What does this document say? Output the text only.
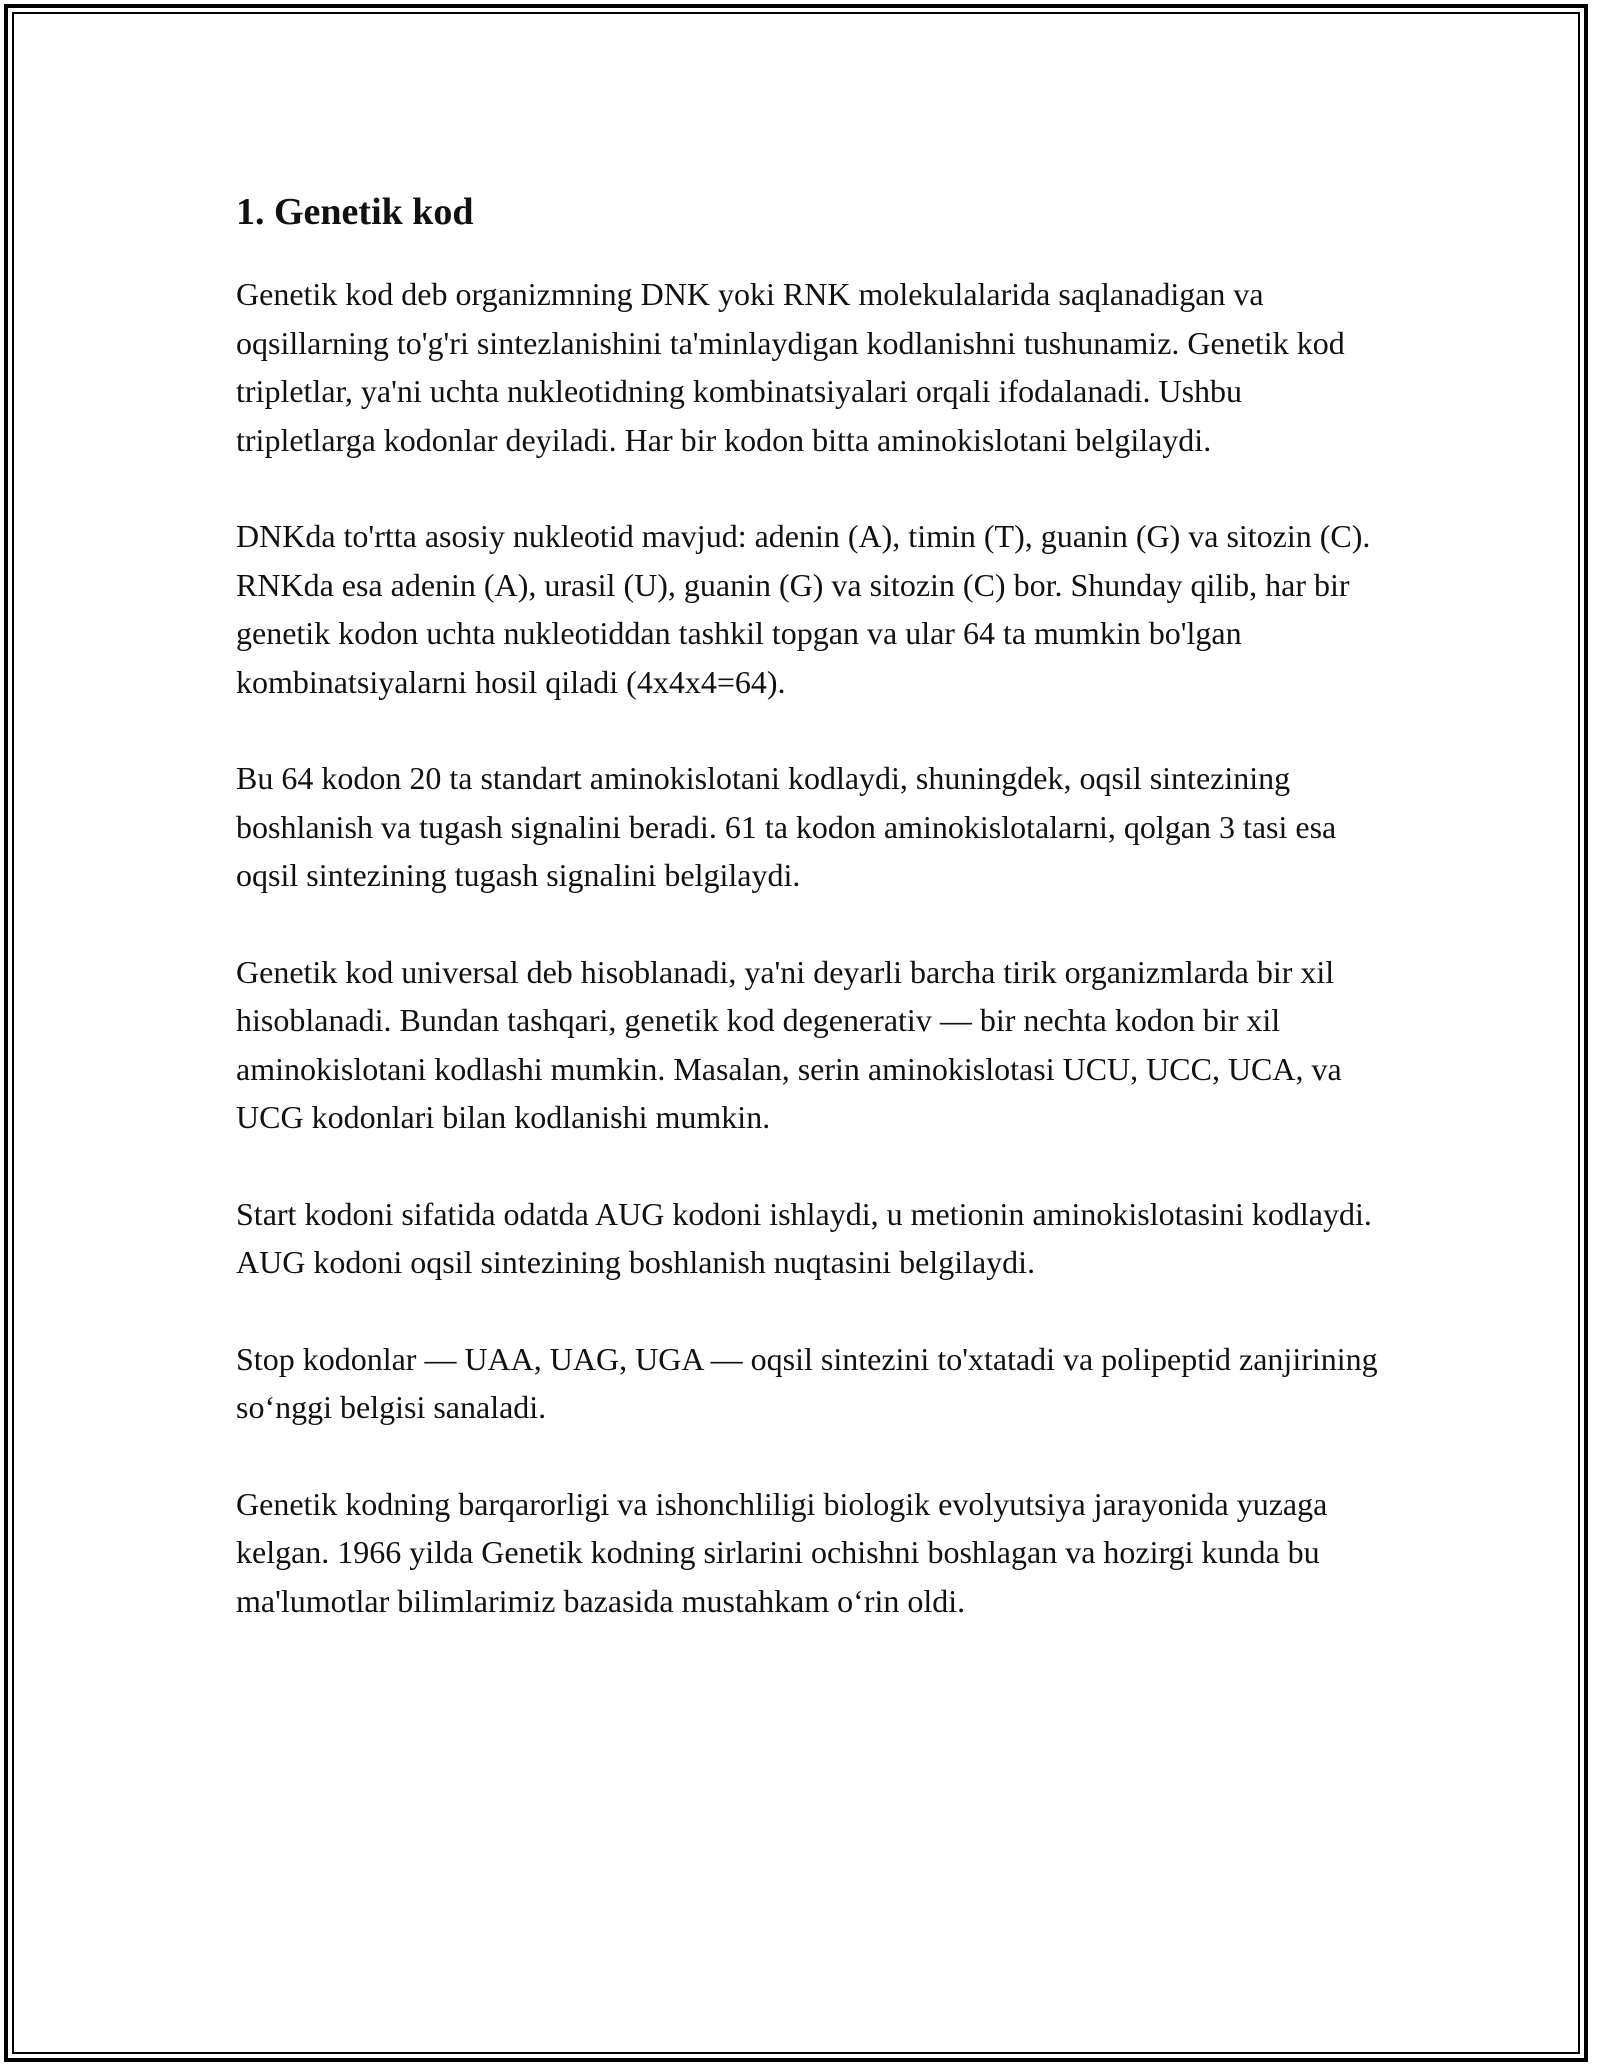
1. Genetik kod

Genetik kod deb organizmning DNK yoki RNK molekulalarida saqlanadigan va oqsillarning to'g'ri sintezlanishini ta'minlaydigan kodlanishni tushunamiz. Genetik kod tripletlar, ya'ni uchta nukleotidning kombinatsiyalari orqali ifodalanadi. Ushbu tripletlarga kodonlar deyiladi. Har bir kodon bitta aminokislotani belgilaydi.

DNKda to'rtta asosiy nukleotid mavjud: adenin (A), timin (T), guanin (G) va sitozin (C). RNKda esa adenin (A), urasil (U), guanin (G) va sitozin (C) bor. Shunday qilib, har bir genetik kodon uchta nukleotiddan tashkil topgan va ular 64 ta mumkin bo'lgan kombinatsiyalarni hosil qiladi (4x4x4=64).

Bu 64 kodon 20 ta standart aminokislotani kodlaydi, shuningdek, oqsil sintezining boshlanish va tugash signalini beradi. 61 ta kodon aminokislotalarni, qolgan 3 tasi esa oqsil sintezining tugash signalini belgilaydi.

Genetik kod universal deb hisoblanadi, ya'ni deyarli barcha tirik organizmlarda bir xil hisoblanadi. Bundan tashqari, genetik kod degenerativ — bir nechta kodon bir xil aminokislotani kodlashi mumkin. Masalan, serin aminokislotasi UCU, UCC, UCA, va UCG kodonlari bilan kodlanishi mumkin.

Start kodoni sifatida odatda AUG kodoni ishlaydi, u metionin aminokislotasini kodlaydi. AUG kodoni oqsil sintezining boshlanish nuqtasini belgilaydi.

Stop kodonlar — UAA, UAG, UGA — oqsil sintezini to'xtatadi va polipeptid zanjirining so‘nggi belgisi sanaladi.

Genetik kodning barqarorligi va ishonchliligi biologik evolyutsiya jarayonida yuzaga kelgan. 1966 yilda Genetik kodning sirlarini ochishni boshlagan va hozirgi kunda bu ma'lumotlar bilimlarimiz bazasida mustahkam o‘rin oldi.
